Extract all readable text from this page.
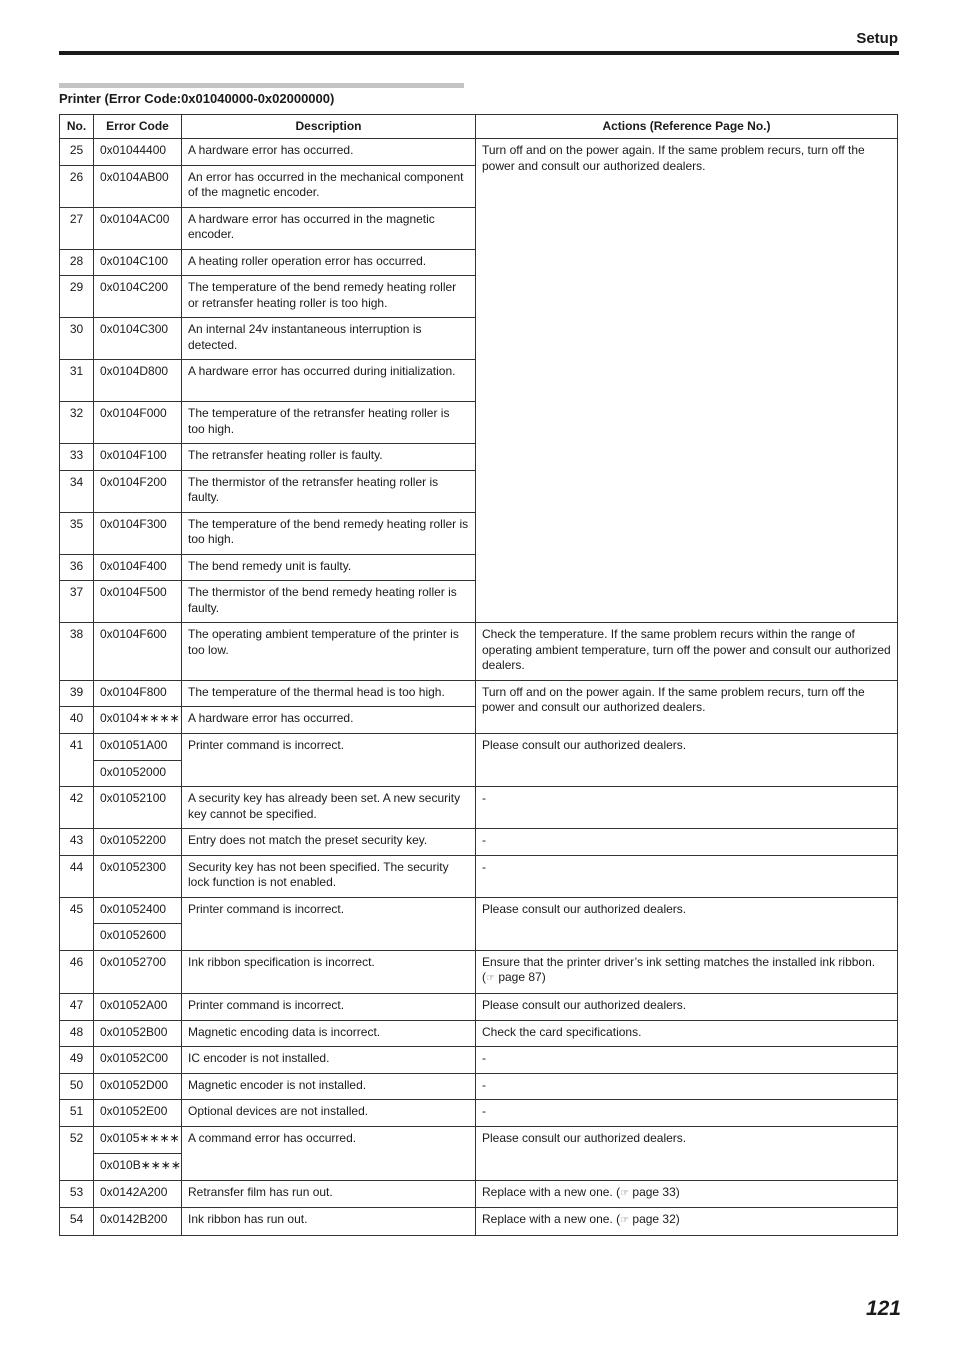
Setup
Printer (Error Code:0x01040000-0x02000000)
No.	Error Code	Description	Actions (Reference Page No.)
25	0x01044400	A hardware error has occurred.	Turn off and on the power again. If the same problem recurs, turn off the power and consult our authorized dealers.
26	0x0104AB00	An error has occurred in the mechanical component of the magnetic encoder.	
27	0x0104AC00	A hardware error has occurred in the magnetic encoder.	
28	0x0104C100	A heating roller operation error has occurred.	
29	0x0104C200	The temperature of the bend remedy heating roller or retransfer heating roller is too high.	
30	0x0104C300	An internal 24v instantaneous interruption is detected.	
31	0x0104D800	A hardware error has occurred during initialization.	
32	0x0104F000	The temperature of the retransfer heating roller is too high.	
33	0x0104F100	The retransfer heating roller is faulty.	
34	0x0104F200	The thermistor of the retransfer heating roller is faulty.	
35	0x0104F300	The temperature of the bend remedy heating roller is too high.	
36	0x0104F400	The bend remedy unit is faulty.	
37	0x0104F500	The thermistor of the bend remedy heating roller is faulty.	
38	0x0104F600	The operating ambient temperature of the printer is too low.	Check the temperature. If the same problem recurs within the range of operating ambient temperature, turn off the power and consult our authorized dealers.
39	0x0104F800	The temperature of the thermal head is too high.	Turn off and on the power again. If the same problem recurs, turn off the power and consult our authorized dealers.
40	0x0104∗∗∗∗	A hardware error has occurred.	
41	0x01051A00	Printer command is incorrect.	Please consult our authorized dealers.
	0x01052000		
42	0x01052100	A security key has already been set. A new security key cannot be specified.	-
43	0x01052200	Entry does not match the preset security key.	-
44	0x01052300	Security key has not been specified. The security lock function is not enabled.	-
45	0x01052400	Printer command is incorrect.	Please consult our authorized dealers.
	0x01052600		
46	0x01052700	Ink ribbon specification is incorrect.	Ensure that the printer driver’s ink setting matches the installed ink ribbon.
(☞ page 87)
47	0x01052A00	Printer command is incorrect.	Please consult our authorized dealers.
48	0x01052B00	Magnetic encoding data is incorrect.	Check the card specifications.
49	0x01052C00	IC encoder is not installed.	-
50	0x01052D00	Magnetic encoder is not installed.	-
51	0x01052E00	Optional devices are not installed.	-
52	0x0105∗∗∗∗	A command error has occurred.	Please consult our authorized dealers.
	0x010B∗∗∗∗		
53	0x0142A200	Retransfer film has run out.	Replace with a new one. (☞ page 33)
54	0x0142B200	Ink ribbon has run out.	Replace with a new one. (☞ page 32)
121
